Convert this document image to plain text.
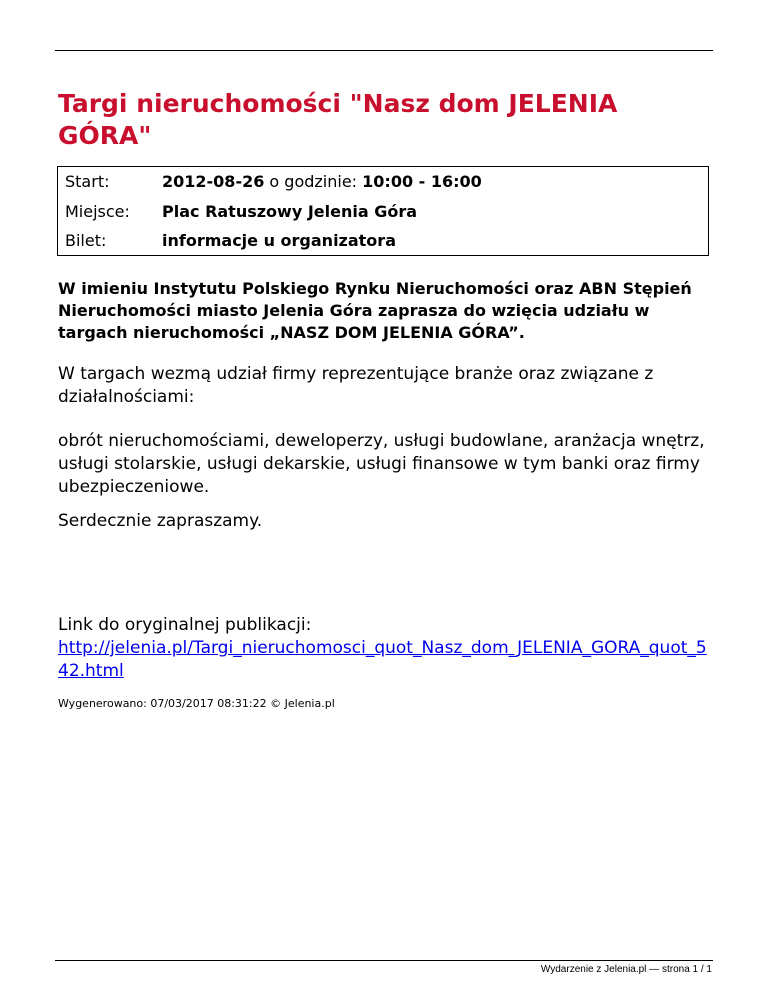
Targi nieruchomości "Nasz dom JELENIA GÓRA"
Start:	2012-08-26 o godzinie: 10:00 - 16:00
Miejsce: Plac Ratuszowy Jelenia Góra
Bilet:	informacje u organizatora

W imieniu Instytutu Polskiego Rynku Nieruchomości oraz ABN Stępień Nieruchomości miasto Jelenia Góra zaprasza do wzięcia udziału w targach nieruchomości „NASZ DOM JELENIA GÓRA”.

W targach wezmą udział firmy reprezentujące branże oraz związane z działalnościami:

obrót nieruchomościami, deweloperzy, usługi budowlane, aranżacja wnętrz, usługi stolarskie, usługi dekarskie, usługi finansowe w tym banki oraz firmy ubezpieczeniowe.

Serdecznie zapraszamy.

Link do oryginalnej publikacji:

http://jelenia.pl/Targi_nieruchomosci_quot_Nasz_dom_JELENIA_GORA_quot_542.html
Wygenerowano: 07/03/2017 08:31:22 © Jelenia.pl
Wydarzenie z Jelenia.pl — strona 1 / 1
